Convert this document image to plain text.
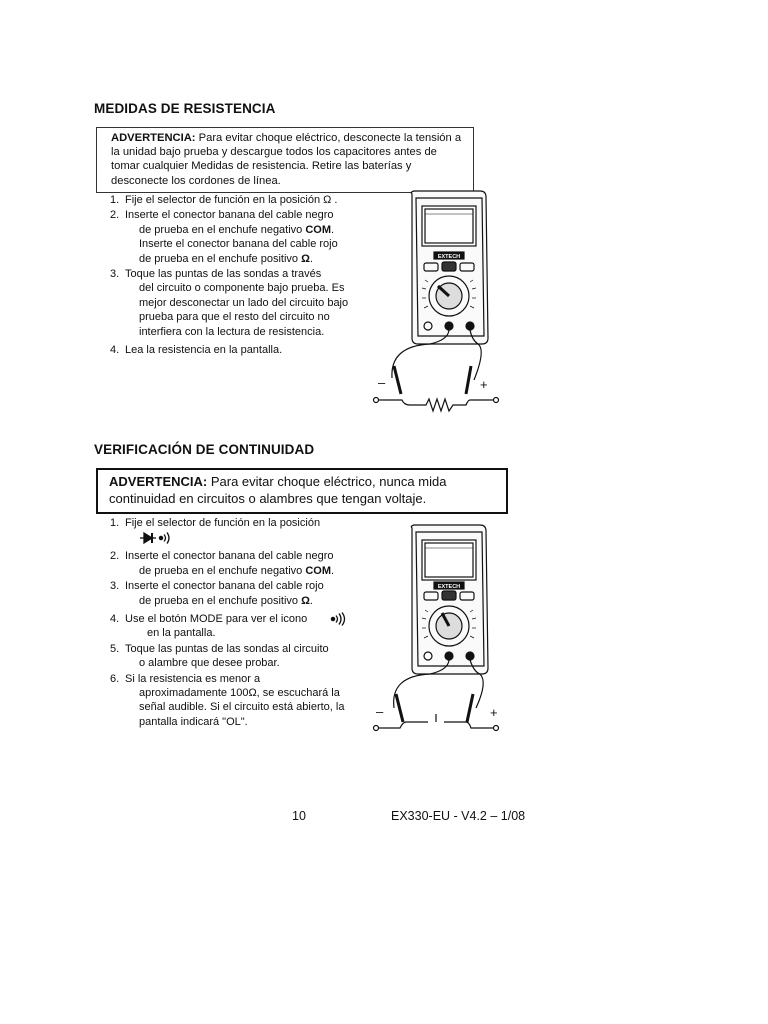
MEDIDAS DE RESISTENCIA
ADVERTENCIA: Para evitar choque eléctrico, desconecte la tensión a la unidad bajo prueba y descargue todos los capacitores antes de tomar cualquier Medidas de resistencia. Retire las baterías y desconecte los cordones de línea.
1. Fije el selector de función en la posición Ω .
2. Inserte el conector banana del cable negro
de prueba en el enchufe negativo COM.
Inserte el conector banana del cable rojo
de prueba en el enchufe positivo Ω.
3. Toque las puntas de las sondas a través
del circuito o componente bajo prueba. Es
mejor desconectar un lado del circuito bajo
prueba para que el resto del circuito no
interfiera con la lectura de resistencia.
4. Lea la resistencia en la pantalla.
–	+
EXTECH
VERIFICACIÓN DE CONTINUIDAD
ADVERTENCIA: Para evitar choque eléctrico, nunca mida continuidad en circuitos o alambres que tengan voltaje.
1. Fije el selector de función en la posición
2. Inserte el conector banana del cable negro
de prueba en el enchufe negativo COM.
3. Inserte el conector banana del cable rojo
de prueba en el enchufe positivo Ω.
4. Use el botón MODE para ver el icono
en la pantalla.
5. Toque las puntas de las sondas al circuito
o alambre que desee probar.
6. Si la resistencia es menor a
aproximadamente 100Ω, se escuchará la
señal audible. Si el circuito está abierto, la
pantalla indicará "OL".
–	+
EXTECH
10	EX330-EU - V4.2 – 1/08
